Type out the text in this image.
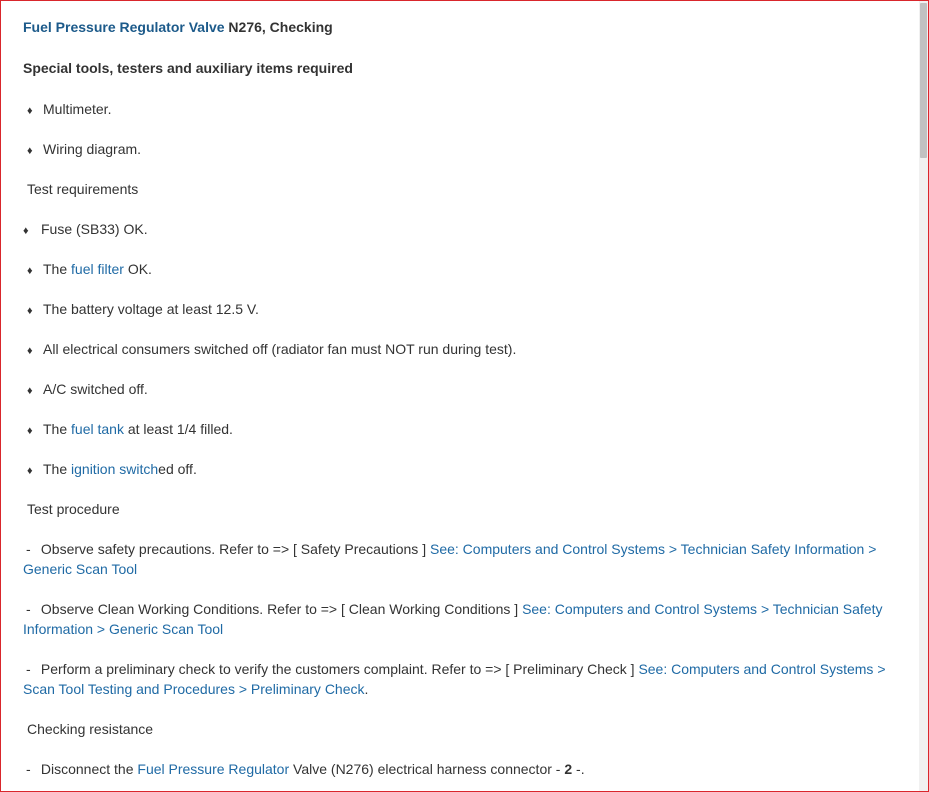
Fuel Pressure Regulator Valve N276, Checking
Special tools, testers and auxiliary items required
♦ Multimeter.
♦ Wiring diagram.
Test requirements
♦ Fuse (SB33) OK.
♦ The fuel filter OK.
♦ The battery voltage at least 12.5 V.
♦ All electrical consumers switched off (radiator fan must NOT run during test).
♦ A/C switched off.
♦ The fuel tank at least 1/4 filled.
♦ The ignition switched off.
Test procedure
- Observe safety precautions. Refer to => [ Safety Precautions ] See: Computers and Control Systems > Technician Safety Information > Generic Scan Tool
- Observe Clean Working Conditions. Refer to => [ Clean Working Conditions ] See: Computers and Control Systems > Technician Safety Information > Generic Scan Tool
- Perform a preliminary check to verify the customers complaint. Refer to => [ Preliminary Check ] See: Computers and Control Systems > Scan Tool Testing and Procedures > Preliminary Check.
Checking resistance
- Disconnect the Fuel Pressure Regulator Valve (N276) electrical harness connector - 2 -.
